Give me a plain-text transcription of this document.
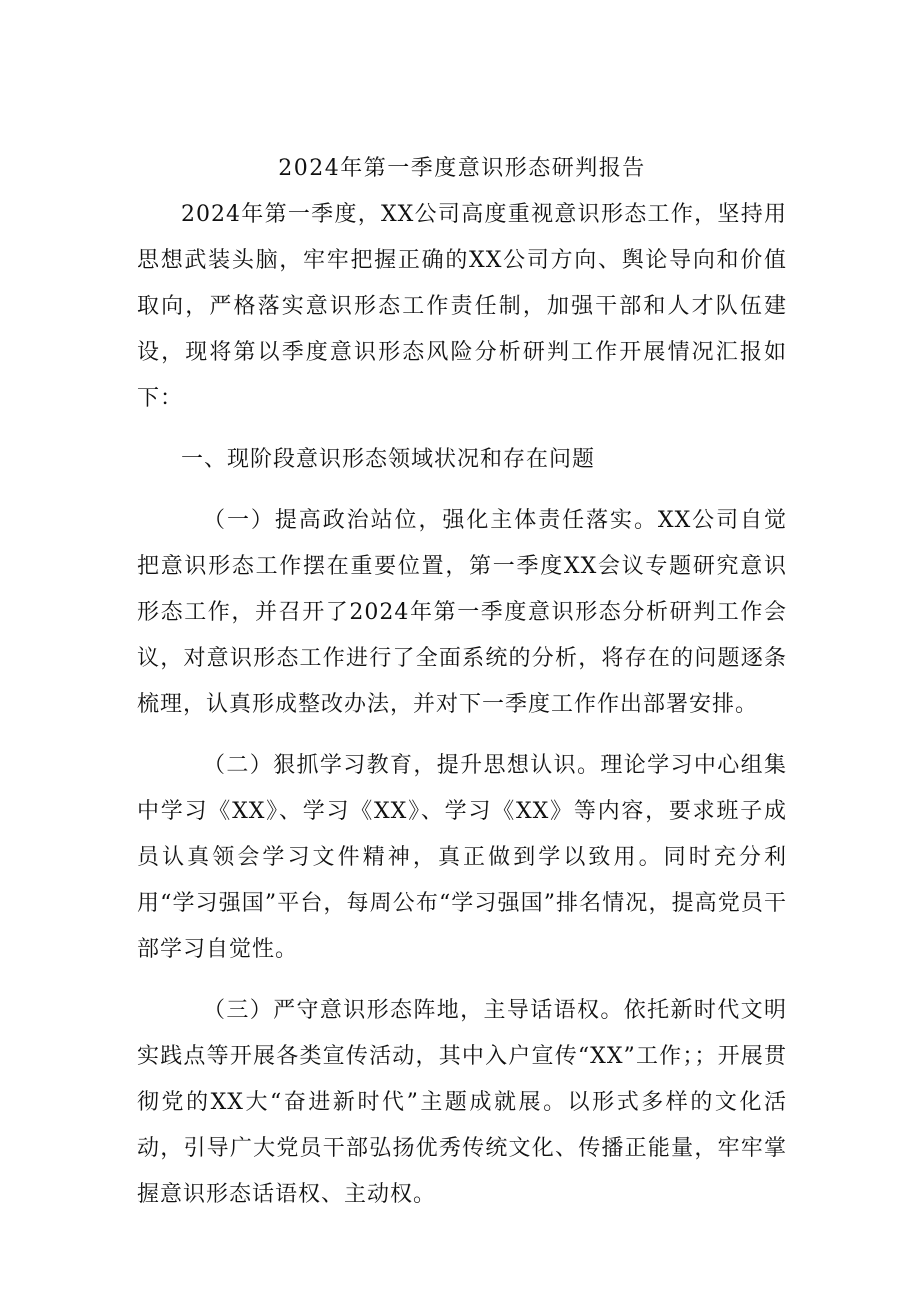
2024年第一季度意识形态研判报告

2024年第一季度，XX公司高度重视意识形态工作，坚持用思想武装头脑，牢牢把握正确的XX公司方向、舆论导向和价值取向，严格落实意识形态工作责任制，加强干部和人才队伍建设，现将第以季度意识形态风险分析研判工作开展情况汇报如下：

一、现阶段意识形态领域状况和存在问题

（一）提高政治站位，强化主体责任落实。XX公司自觉把意识形态工作摆在重要位置，第一季度XX会议专题研究意识形态工作，并召开了2024年第一季度意识形态分析研判工作会议，对意识形态工作进行了全面系统的分析，将存在的问题逐条梳理，认真形成整改办法，并对下一季度工作作出部署安排。

（二）狠抓学习教育，提升思想认识。理论学习中心组集中学习《XX》、学习《XX》、学习《XX》等内容，要求班子成员认真领会学习文件精神，真正做到学以致用。同时充分利用“学习强国”平台，每周公布“学习强国”排名情况，提高党员干部学习自觉性。

（三）严守意识形态阵地，主导话语权。依托新时代文明实践点等开展各类宣传活动，其中入户宣传“XX”工作；；开展贯彻党的XX大“奋进新时代”主题成就展。以形式多样的文化活动，引导广大党员干部弘扬优秀传统文化、传播正能量，牢牢掌握意识形态话语权、主动权。
